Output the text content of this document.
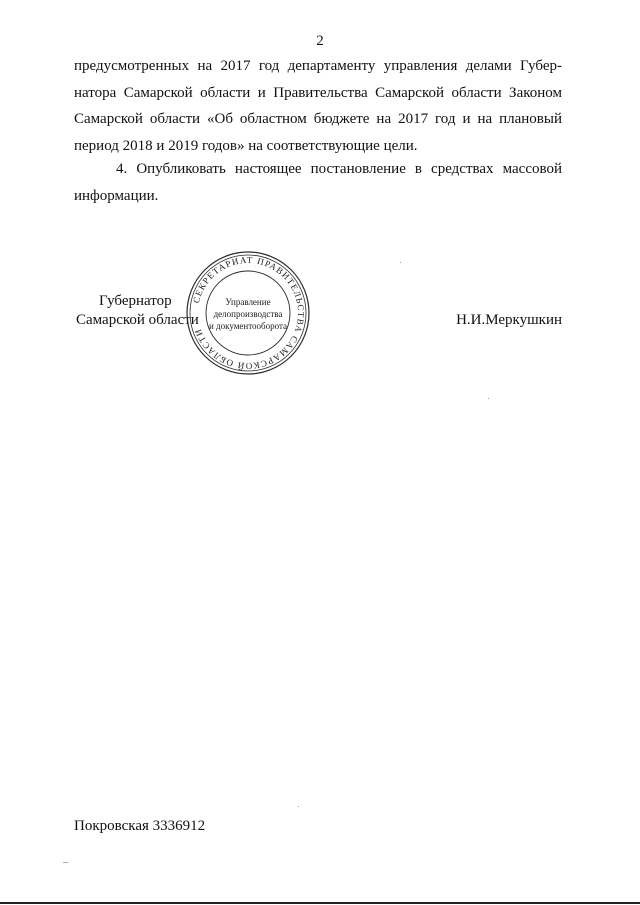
2
предусмотренных на 2017 год департаменту управления делами Губер-
натора Самарской области и Правительства Самарской области Законом
Самарской области «Об областном бюджете на 2017 год и на плановый
период 2018 и 2019 годов» на соответствующие цели.
4. Опубликовать настоящее постановление в средствах массовой
информации.
Губернатор
Самарской области
СЕКРЕТАРИАТ ПРАВИТЕЛЬСТВА САМАРСКОЙ ОБЛАСТИ
Управление
делопроизводства
и документооборота	Н.И.Меркушкин
Покровская 3336912
